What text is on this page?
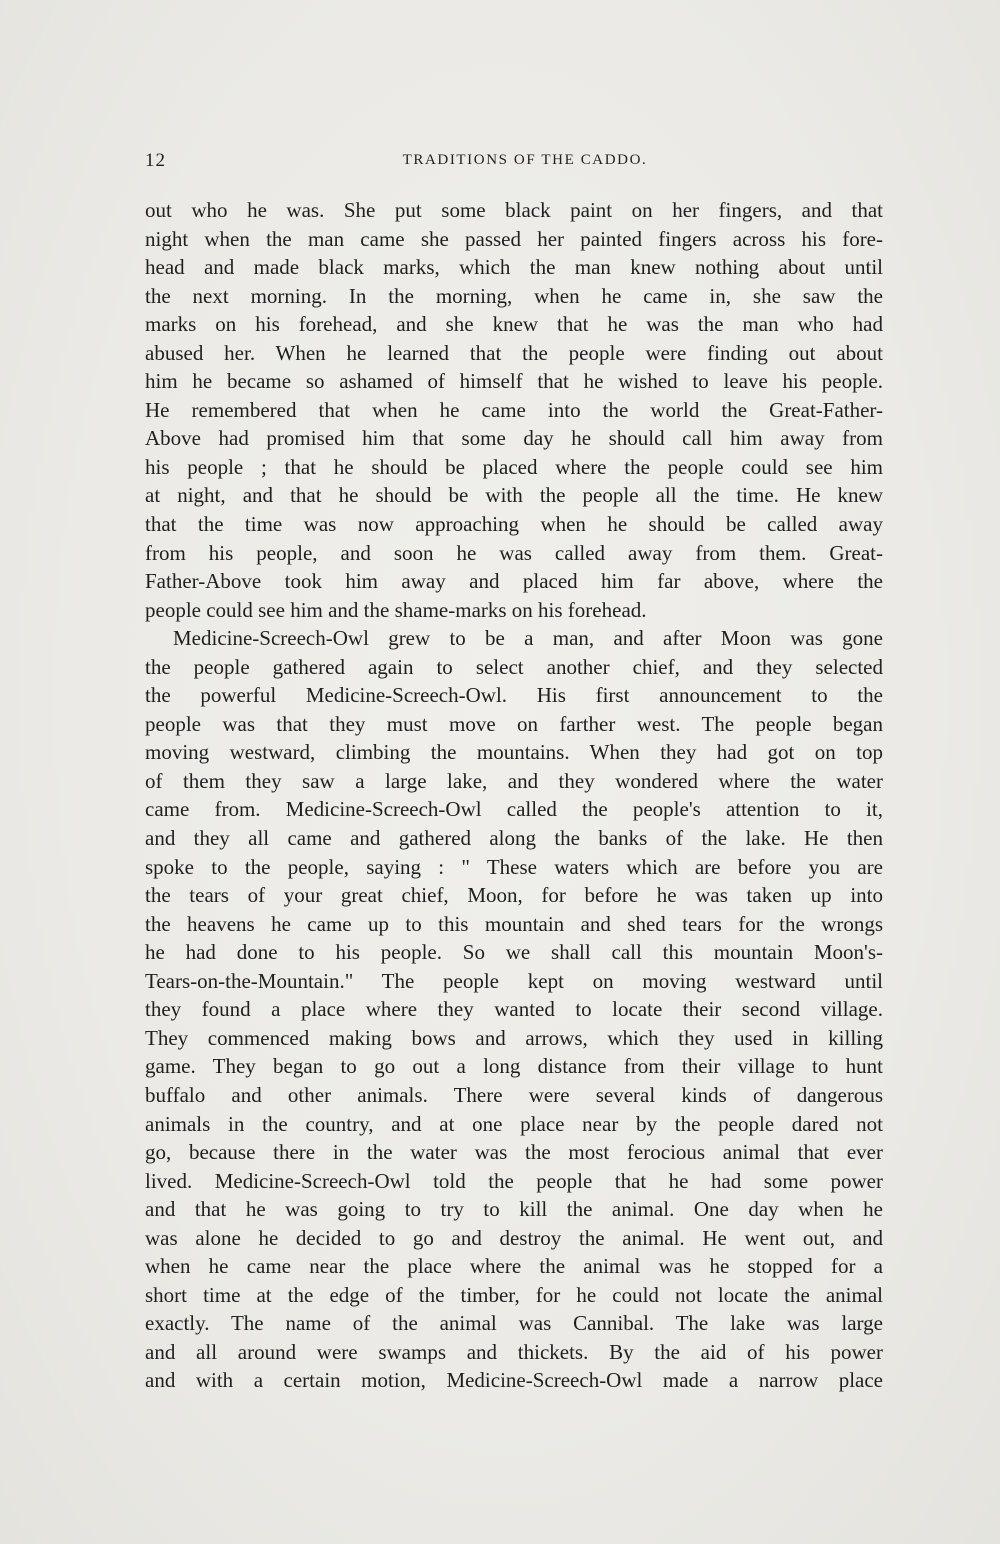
12	TRADITIONS OF THE CADDO.
out who he was. She put some black paint on her fingers, and that
night when the man came she passed her painted fingers across his fore-
head and made black marks, which the man knew nothing about until
the next morning. In the morning, when he came in, she saw the
marks on his forehead, and she knew that he was the man who had
abused her. When he learned that the people were finding out about
him he became so ashamed of himself that he wished to leave his people.
He remembered that when he came into the world the Great-Father-
Above had promised him that some day he should call him away from
his people ; that he should be placed where the people could see him
at night, and that he should be with the people all the time. He knew
that the time was now approaching when he should be called away
from his people, and soon he was called away from them. Great-
Father-Above took him away and placed him far above, where the
people could see him and the shame-marks on his forehead.
Medicine-Screech-Owl grew to be a man, and after Moon was gone
the people gathered again to select another chief, and they selected
the powerful Medicine-Screech-Owl. His first announcement to the
people was that they must move on farther west. The people began
moving westward, climbing the mountains. When they had got on top
of them they saw a large lake, and they wondered where the water
came from. Medicine-Screech-Owl called the people's attention to it,
and they all came and gathered along the banks of the lake. He then
spoke to the people, saying : " These waters which are before you are
the tears of your great chief, Moon, for before he was taken up into
the heavens he came up to this mountain and shed tears for the wrongs
he had done to his people. So we shall call this mountain Moon's-
Tears-on-the-Mountain." The people kept on moving westward until
they found a place where they wanted to locate their second village.
They commenced making bows and arrows, which they used in killing
game. They began to go out a long distance from their village to hunt
buffalo and other animals. There were several kinds of dangerous
animals in the country, and at one place near by the people dared not
go, because there in the water was the most ferocious animal that ever
lived. Medicine-Screech-Owl told the people that he had some power
and that he was going to try to kill the animal. One day when he
was alone he decided to go and destroy the animal. He went out, and
when he came near the place where the animal was he stopped for a
short time at the edge of the timber, for he could not locate the animal
exactly. The name of the animal was Cannibal. The lake was large
and all around were swamps and thickets. By the aid of his power
and with a certain motion, Medicine-Screech-Owl made a narrow place
